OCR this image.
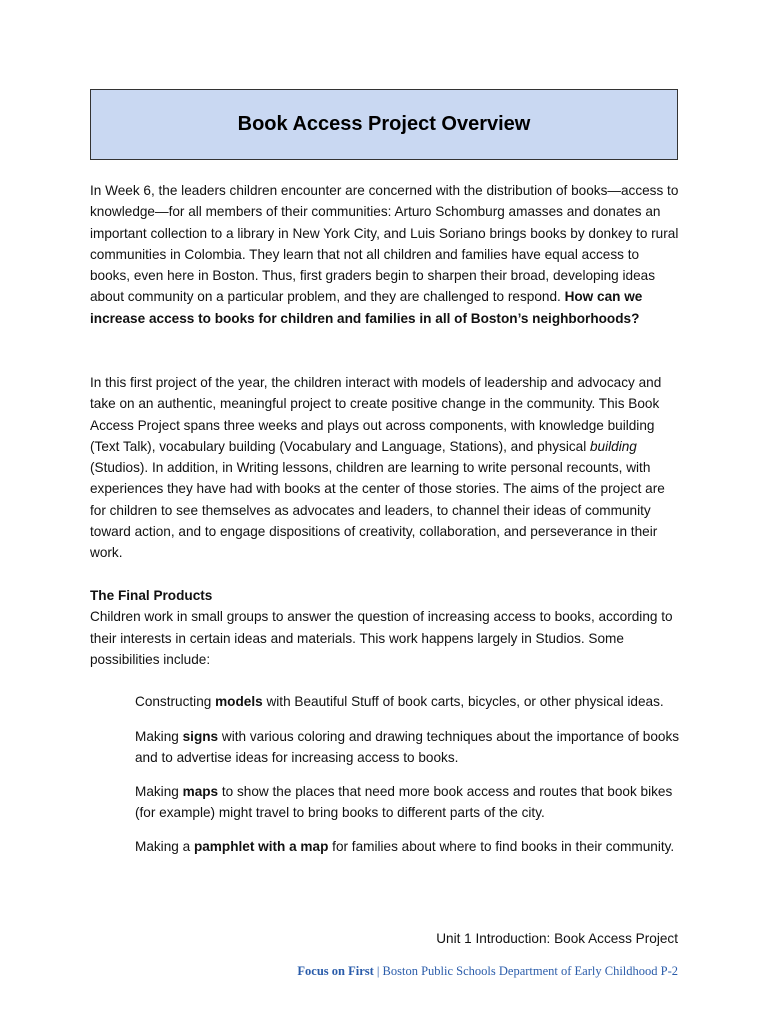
Book Access Project Overview

In Week 6, the leaders children encounter are concerned with the distribution of books—access to knowledge—for all members of their communities: Arturo Schomburg amasses and donates an important collection to a library in New York City, and Luis Soriano brings books by donkey to rural communities in Colombia. They learn that not all children and families have equal access to books, even here in Boston. Thus, first graders begin to sharpen their broad, developing ideas about community on a particular problem, and they are challenged to respond. How can we increase access to books for children and families in all of Boston’s neighborhoods?

In this first project of the year, the children interact with models of leadership and advocacy and take on an authentic, meaningful project to create positive change in the community. This Book Access Project spans three weeks and plays out across components, with knowledge building (Text Talk), vocabulary building (Vocabulary and Language, Stations), and physical building (Studios). In addition, in Writing lessons, children are learning to write personal recounts, with experiences they have had with books at the center of those stories. The aims of the project are for children to see themselves as advocates and leaders, to channel their ideas of community toward action, and to engage dispositions of creativity, collaboration, and perseverance in their work.

The Final Products

Children work in small groups to answer the question of increasing access to books, according to their interests in certain ideas and materials. This work happens largely in Studios. Some possibilities include:

Constructing models with Beautiful Stuff of book carts, bicycles, or other physical ideas.
Making signs with various coloring and drawing techniques about the importance of books and to advertise ideas for increasing access to books.
Making maps to show the places that need more book access and routes that book bikes (for example) might travel to bring books to different parts of the city.
Making a pamphlet with a map for families about where to find books in their community.
Unit 1 Introduction: Book Access Project
Focus on First | Boston Public Schools Department of Early Childhood P-2
